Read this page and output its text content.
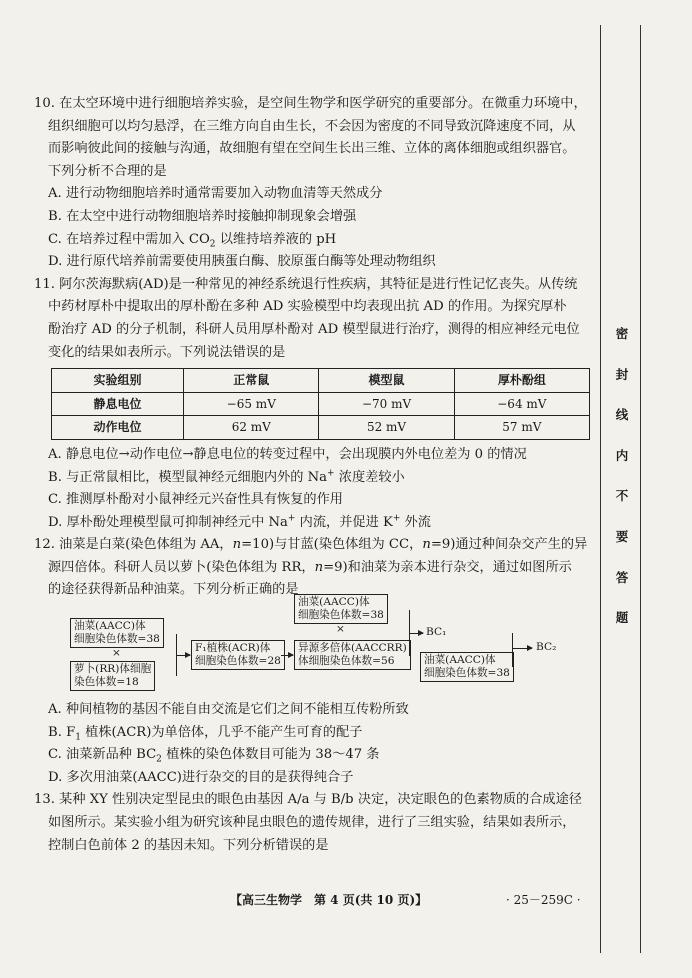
密
封
线
内
不
要
答
题

10. 在太空环境中进行细胞培养实验，是空间生物学和医学研究的重要部分。在微重力环境中，

组织细胞可以均匀悬浮，在三维方向自由生长，不会因为密度的不同导致沉降速度不同，从

而影响彼此间的接触与沟通，故细胞有望在空间生长出三维、立体的离体细胞或组织器官。

下列分析不合理的是

A. 进行动物细胞培养时通常需要加入动物血清等天然成分

B. 在太空中进行动物细胞培养时接触抑制现象会增强

C. 在培养过程中需加入 $CO_2$ 以维持培养液的 pH

D. 进行原代培养前需要使用胰蛋白酶、胶原蛋白酶等处理动物组织

11. 阿尔茨海默病(AD)是一种常见的神经系统退行性疾病，其特征是进行性记忆丧失。从传统

中药材厚朴中提取出的厚朴酚在多种 AD 实验模型中均表现出抗 AD 的作用。为探究厚朴

酚治疗 AD 的分子机制，科研人员用厚朴酚对 AD 模型鼠进行治疗，测得的相应神经元电位

变化的结果如表所示。下列说法错误的是

实验组别	正常鼠	模型鼠	厚朴酚组
静息电位	−65 mV	−70 mV	−64 mV
动作电位	62 mV	52 mV	57 mV

A. 静息电位→动作电位→静息电位的转变过程中，会出现膜内外电位差为 0 的情况

B. 与正常鼠相比，模型鼠神经元细胞内外的 Na+ 浓度差较小

C. 推测厚朴酚对小鼠神经元兴奋性具有恢复的作用

D. 厚朴酚处理模型鼠可抑制神经元中 Na+ 内流，并促进 K+ 外流

12. 油菜是白菜(染色体组为 AA，n=10)与甘蓝(染色体组为 CC，n=9)通过种间杂交产生的异

源四倍体。科研人员以萝卜(染色体组为 RR，n=9)和油菜为亲本进行杂交，通过如图所示

的途径获得新品种油菜。下列分析正确的是

油菜(AACC)体
细胞染色体数=38
×
萝卜(RR)体细胞
染色体数=18
F₁植株(ACR)体
细胞染色体数=28
油菜(AACC)体
细胞染色体数=38
×
异源多倍体(AACCRR)
体细胞染色体数=56
BC₁
油菜(AACC)体
细胞染色体数=38
BC₂

A. 种间植物的基因不能自由交流是它们之间不能相互传粉所致

B. $F_1$ 植株(ACR)为单倍体，几乎不能产生可育的配子

C. 油菜新品种 $BC_2$ 植株的染色体数目可能为 38～47 条

D. 多次用油菜(AACC)进行杂交的目的是获得纯合子

13. 某种 XY 性别决定型昆虫的眼色由基因 A/a 与 B/b 决定，决定眼色的色素物质的合成途径

如图所示。某实验小组为研究该种昆虫眼色的遗传规律，进行了三组实验，结果如表所示，

控制白色前体 2 的基因未知。下列分析错误的是

【高三生物学　第 4 页(共 10 页)】	· 25－259C ·
